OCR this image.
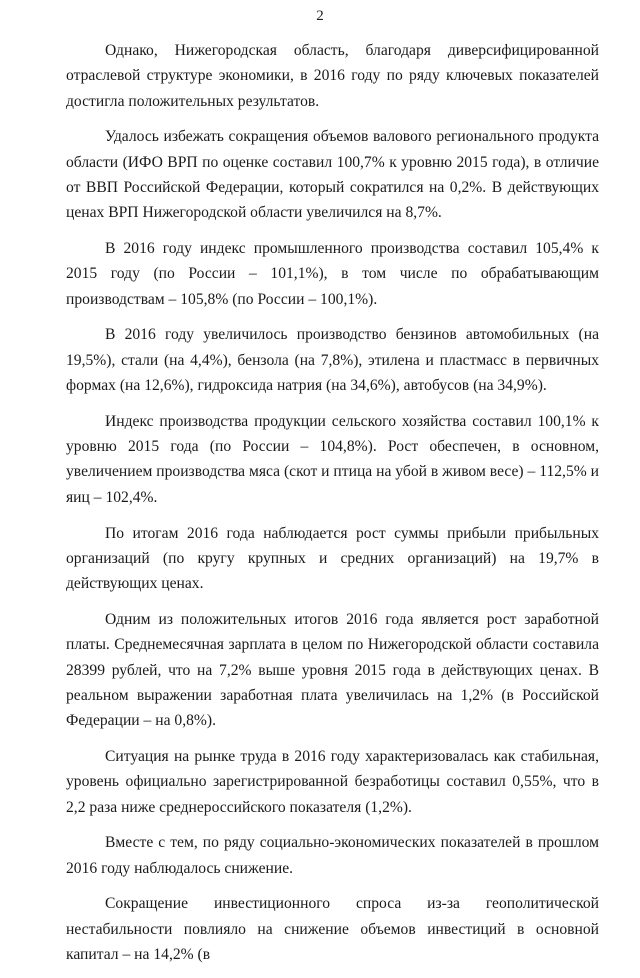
2

Однако, Нижегородская область, благодаря диверсифицированной отраслевой структуре экономики, в 2016 году по ряду ключевых показателей достигла положительных результатов.

Удалось избежать сокращения объемов валового регионального продукта области (ИФО ВРП по оценке составил 100,7% к уровню 2015 года), в отличие от ВВП Российской Федерации, который сократился на 0,2%. В действующих ценах ВРП Нижегородской области увеличился на 8,7%.

В 2016 году индекс промышленного производства составил 105,4% к 2015 году (по России – 101,1%), в том числе по обрабатывающим производствам – 105,8% (по России – 100,1%).

В 2016 году увеличилось производство бензинов автомобильных (на 19,5%), стали (на 4,4%), бензола (на 7,8%), этилена и пластмасс в первичных формах (на 12,6%), гидроксида натрия (на 34,6%), автобусов (на 34,9%).

Индекс производства продукции сельского хозяйства составил 100,1% к уровню 2015 года (по России – 104,8%). Рост обеспечен, в основном, увеличением производства мяса (скот и птица на убой в живом весе) – 112,5% и яиц – 102,4%.

По итогам 2016 года наблюдается рост суммы прибыли прибыльных организаций (по кругу крупных и средних организаций) на 19,7% в действующих ценах.

Одним из положительных итогов 2016 года является рост заработной платы. Среднемесячная зарплата в целом по Нижегородской области составила 28399 рублей, что на 7,2% выше уровня 2015 года в действующих ценах. В реальном выражении заработная плата увеличилась на 1,2% (в Российской Федерации – на 0,8%).

Ситуация на рынке труда в 2016 году характеризовалась как стабильная, уровень официально зарегистрированной безработицы составил 0,55%, что в 2,2 раза ниже среднероссийского показателя (1,2%).

Вместе с тем, по ряду социально-экономических показателей в прошлом 2016 году наблюдалось снижение.

Сокращение инвестиционного спроса из-за геополитической нестабильности повлияло на снижение объемов инвестиций в основной капитал – на 14,2% (в
